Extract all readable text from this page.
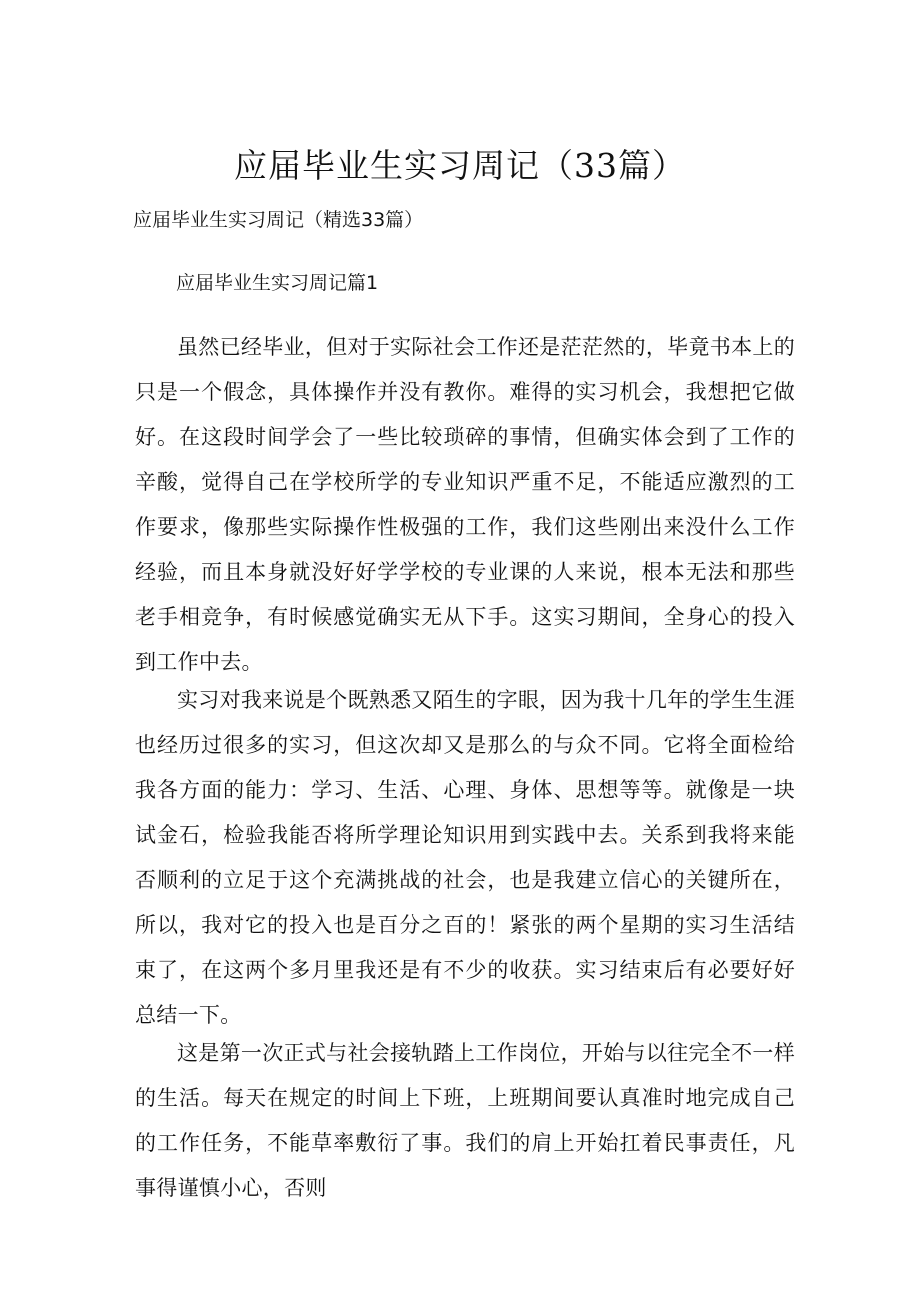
应届毕业生实习周记（33篇）

应届毕业生实习周记（精选33篇）

应届毕业生实习周记篇1

虽然已经毕业，但对于实际社会工作还是茫茫然的，毕竟书本上的只是一个假念，具体操作并没有教你。难得的实习机会，我想把它做好。在这段时间学会了一些比较琐碎的事情，但确实体会到了工作的辛酸，觉得自己在学校所学的专业知识严重不足，不能适应激烈的工作要求，像那些实际操作性极强的工作，我们这些刚出来没什么工作经验，而且本身就没好好学学校的专业课的人来说，根本无法和那些老手相竞争，有时候感觉确实无从下手。这实习期间，全身心的投入到工作中去。

实习对我来说是个既熟悉又陌生的字眼，因为我十几年的学生生涯也经历过很多的实习，但这次却又是那么的与众不同。它将全面检给我各方面的能力：学习、生活、心理、身体、思想等等。就像是一块试金石，检验我能否将所学理论知识用到实践中去。关系到我将来能否顺利的立足于这个充满挑战的社会，也是我建立信心的关键所在，所以，我对它的投入也是百分之百的！紧张的两个星期的实习生活结束了，在这两个多月里我还是有不少的收获。实习结束后有必要好好总结一下。

这是第一次正式与社会接轨踏上工作岗位，开始与以往完全不一样的生活。每天在规定的时间上下班，上班期间要认真准时地完成自己的工作任务，不能草率敷衍了事。我们的肩上开始扛着民事责任，凡事得谨慎小心，否则
